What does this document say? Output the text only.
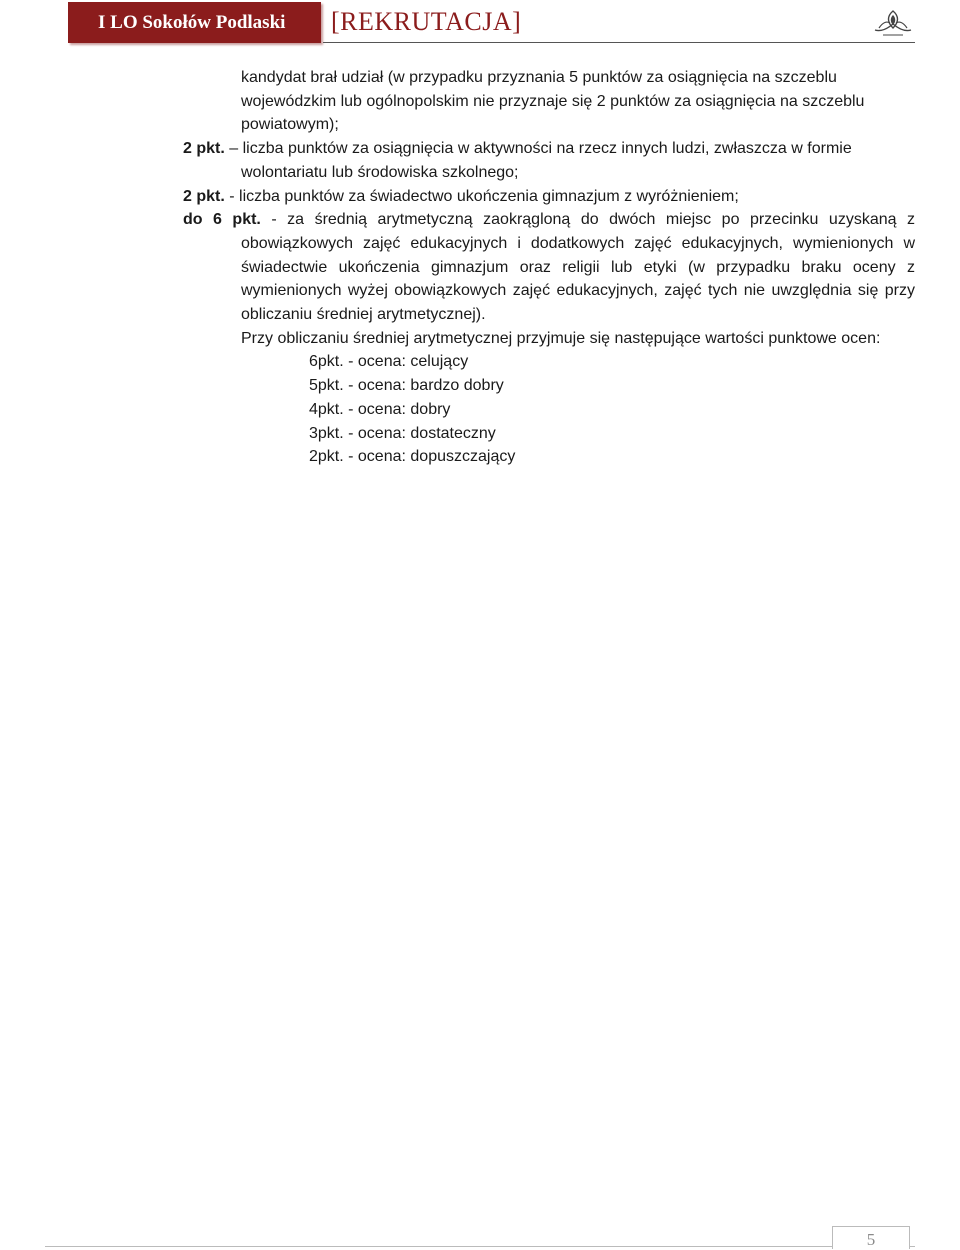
I LO Sokołów Podlaski [REKRUTACJA]

kandydat brał udział (w przypadku przyznania 5 punktów za osiągnięcia na szczeblu wojewódzkim lub ogólnopolskim nie przyznaje się 2 punktów za osiągnięcia na szczeblu powiatowym);

2 pkt. – liczba punktów za osiągnięcia w aktywności na rzecz innych ludzi, zwłaszcza w formie wolontariatu lub środowiska szkolnego;

2 pkt. - liczba punktów za świadectwo ukończenia gimnazjum z wyróżnieniem;

do 6 pkt. - za średnią arytmetyczną zaokrągloną do dwóch miejsc po przecinku uzyskaną z obowiązkowych zajęć edukacyjnych i dodatkowych zajęć edukacyjnych, wymienionych w świadectwie ukończenia gimnazjum oraz religii lub etyki (w przypadku braku oceny z wymienionych wyżej obowiązkowych zajęć edukacyjnych, zajęć tych nie uwzględnia się przy obliczaniu średniej arytmetycznej).

Przy obliczaniu średniej arytmetycznej przyjmuje się następujące wartości punktowe ocen:

6pkt. - ocena: celujący

5pkt. - ocena: bardzo dobry

4pkt. - ocena: dobry

3pkt. - ocena: dostateczny

2pkt. - ocena: dopuszczający

5
